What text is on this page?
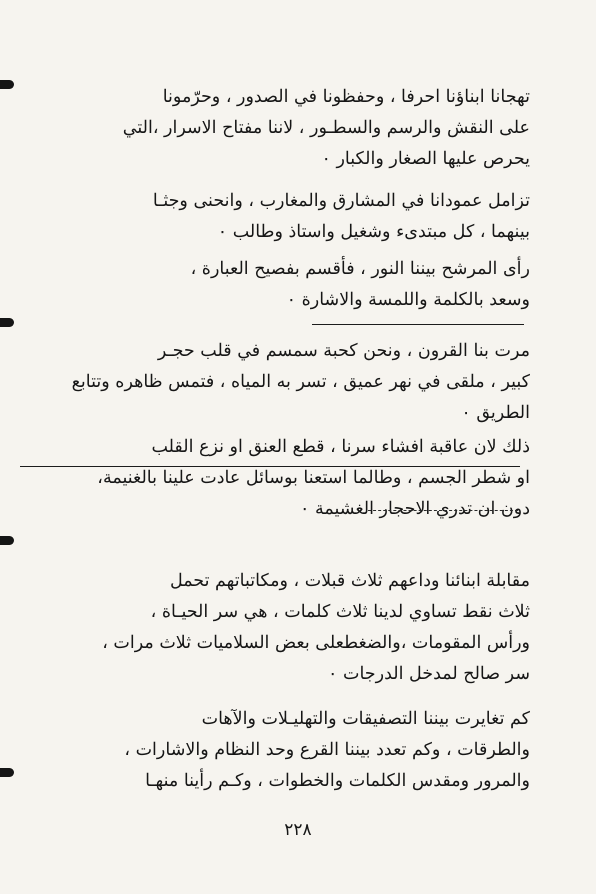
تهجانا ابناؤنا احرفا ، وحفظونا في الصدور ، وحرّمونا
على النقش والرسم والسطـور ، لاننا مفتاح الاسرار ،التي
يحرص عليها الصغار والكبار ٠

تزامل عمودانا في المشارق والمغارب ، وانحنى وجثـا
بينهما ، كل مبتدىء وشغيل واستاذ وطالب ٠

رأى المرشح بيننا النور ، فأقسم بفصيح العبارة ،
وسعد بالكلمة واللمسة والاشارة ٠

مرت بنا القرون ، ونحن كحبة سمسم في قلب حجـر
كبير ، ملقى في نهر عميق ، تسر به المياه ، فتمس ظاهره وتتابع
الطريق ٠

ذلك لان عاقبة افشاء سرنا ، قطع العنق او نزع القلب
او شطر الجسم ، وطالما استعنا بوسائل عادت علينا بالغنيمة،
دون ان تدري الاحجار الغشيمة ٠

مقابلة ابنائنا وداعهم ثلاث قبلات ، ومكاتباتهم تحمل
ثلاث نقط تساوي لدينا ثلاث كلمات ، هي سر الحيـاة ،
ورأس المقومات ،والضغطعلى بعض السلاميات ثلاث مرات ،
سر صالح لمدخل الدرجات ٠

كم تغايرت بيننا التصفيقات والتهليـلات والآهات
والطرقات ، وكم تعدد بيننا القرع وحد النظام والاشارات ،
والمرور ومقدس الكلمات والخطوات ، وكـم رأينا منهـا

٢٢٨
